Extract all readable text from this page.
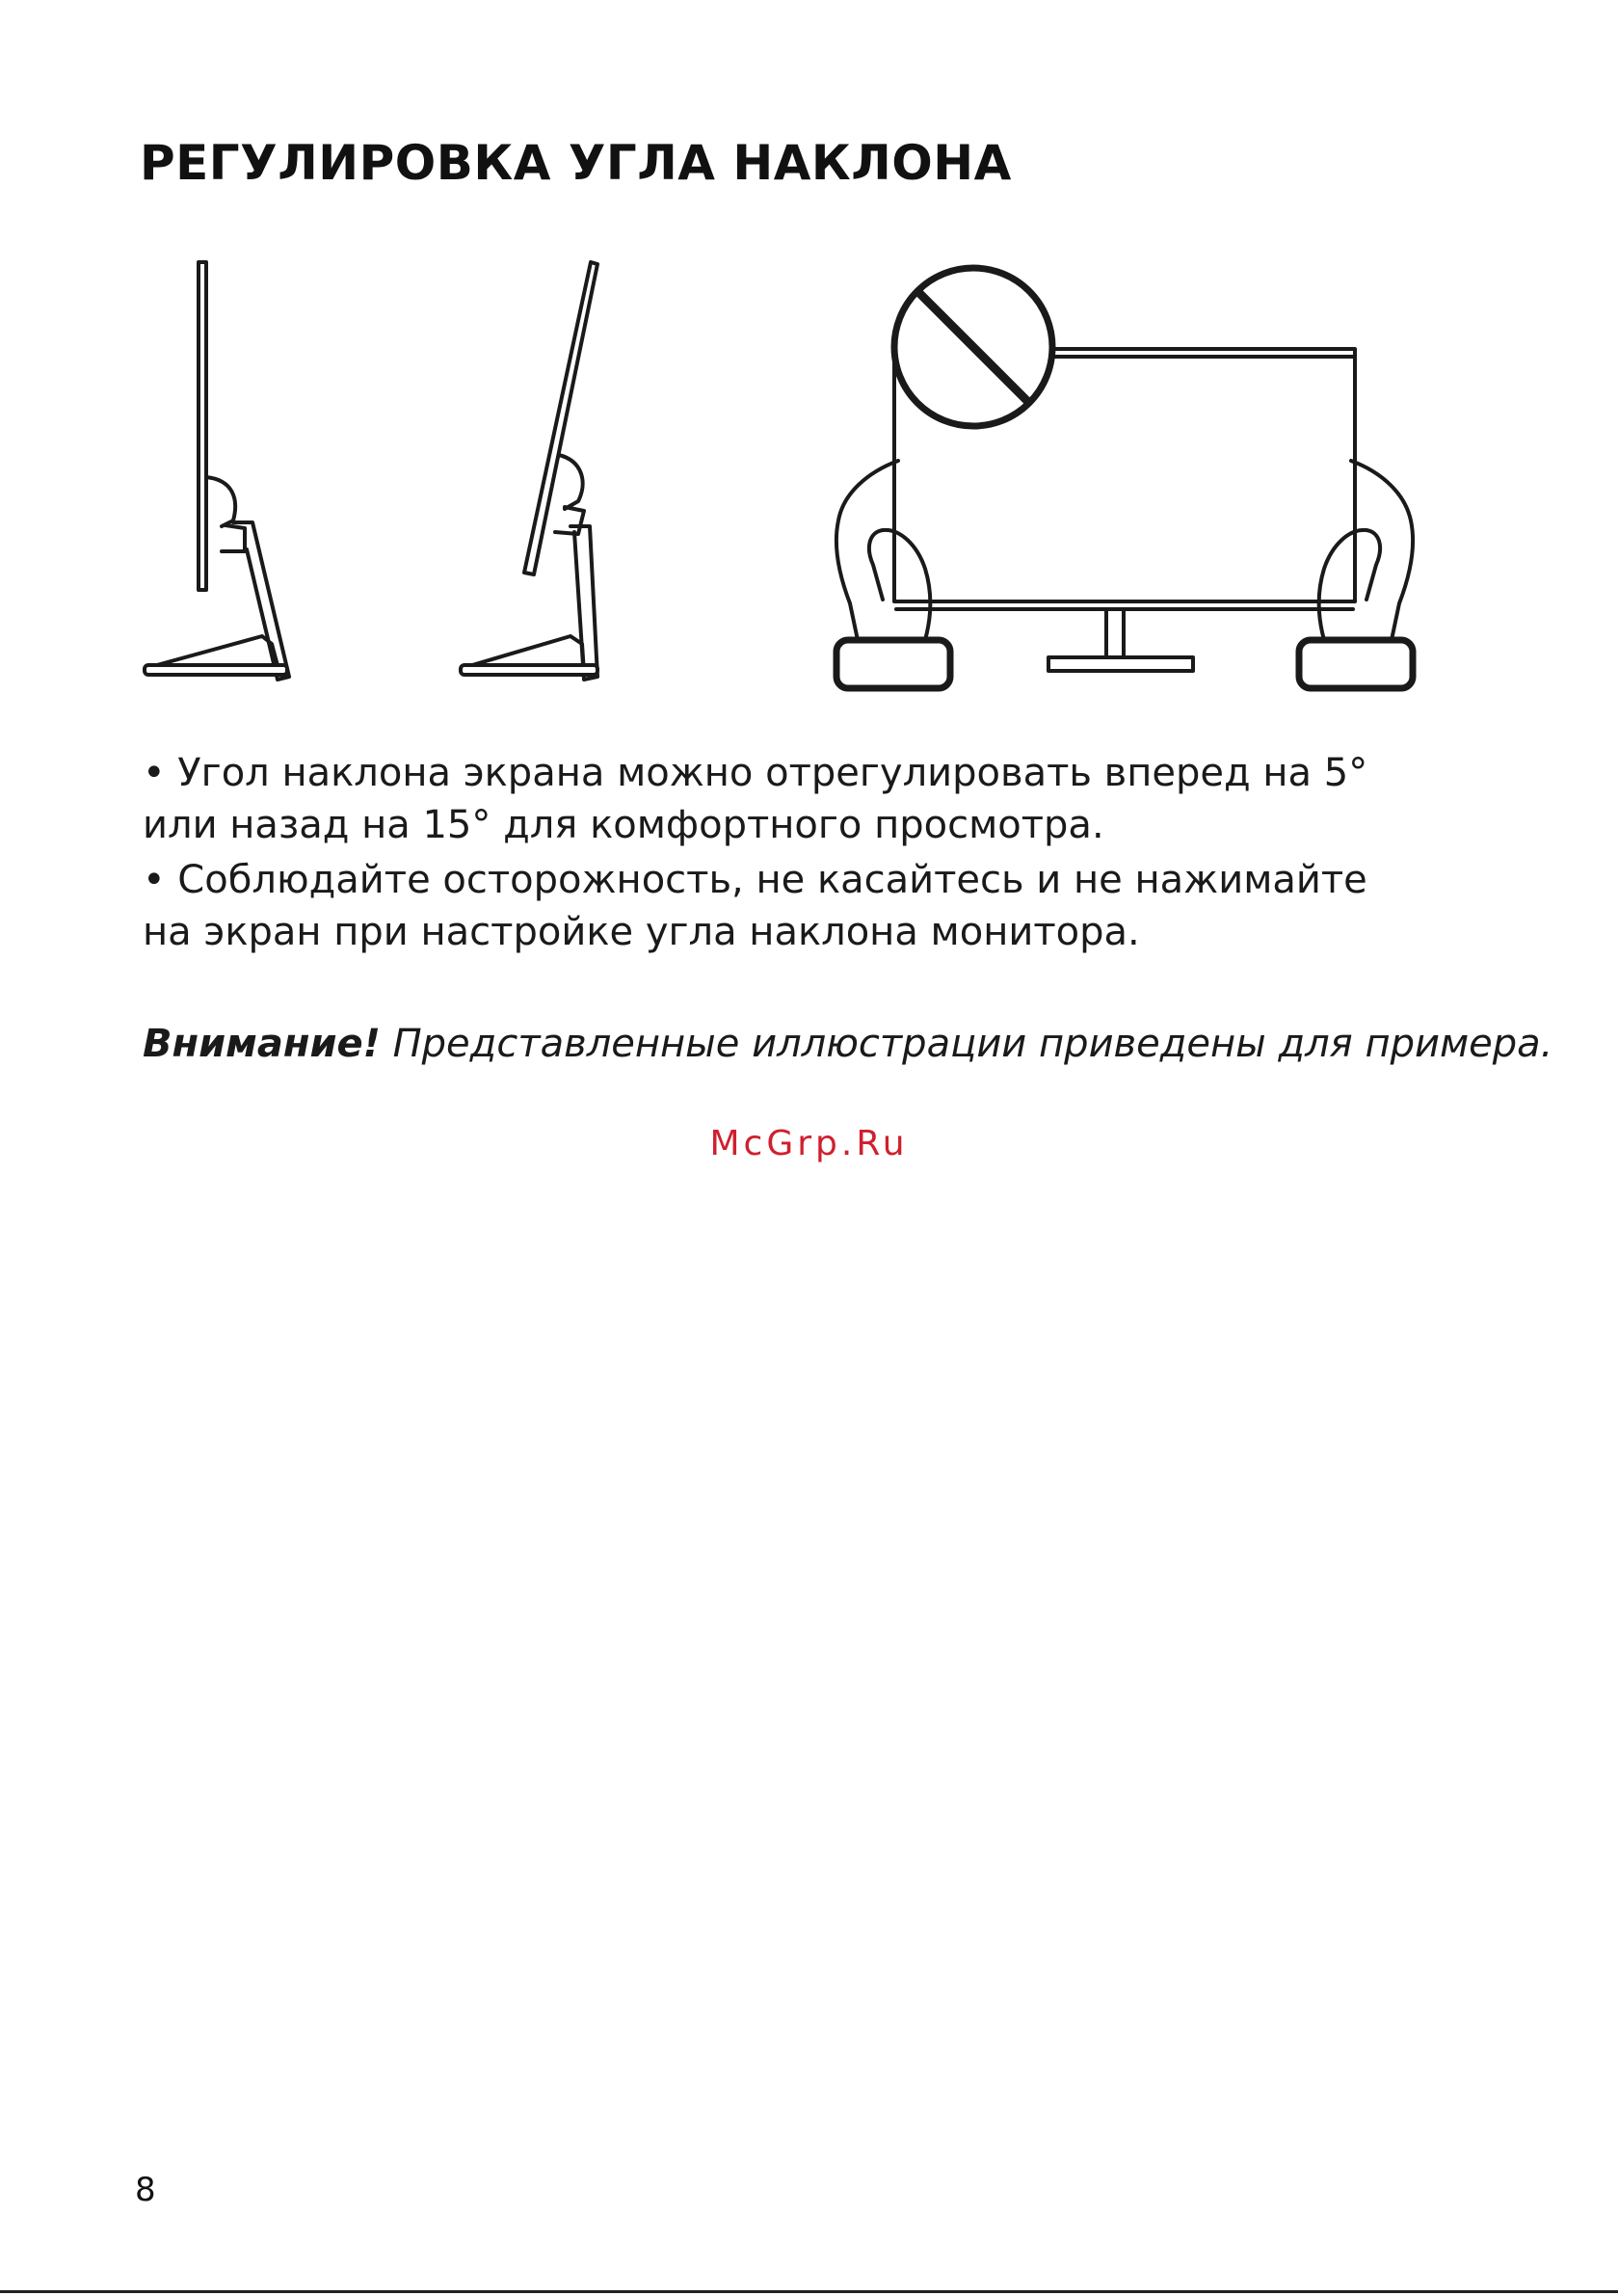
РЕГУЛИРОВКА УГЛА НАКЛОНА

• Угол наклона экрана можно отрегулировать вперед на 5°
или назад на 15° для комфортного просмотра.

• Соблюдайте осторожность, не касайтесь и не нажимайте
на экран при настройке угла наклона монитора.

Внимание! Представленные иллюстрации приведены для примера.
McGrp.Ru
8
